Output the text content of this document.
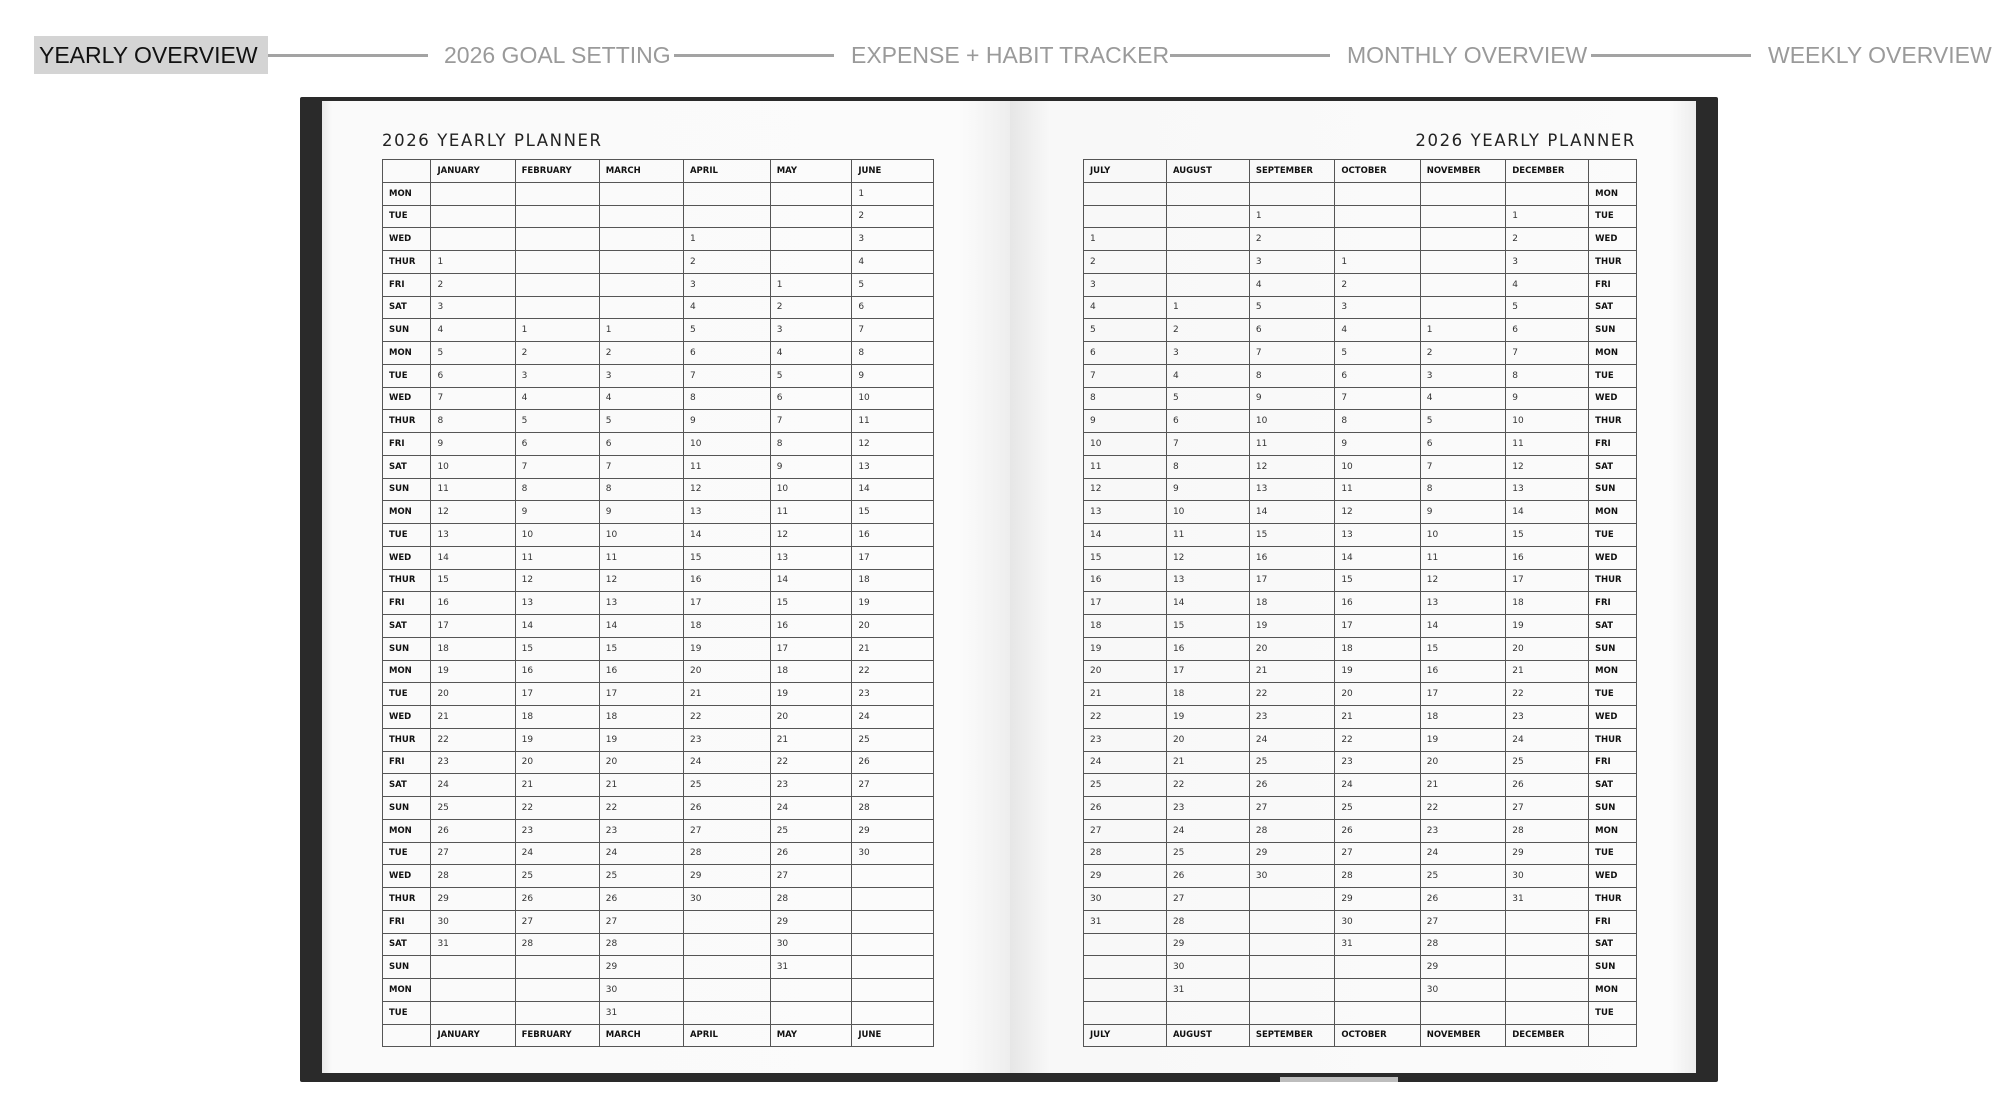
YEARLY OVERVIEW	2026 GOAL SETTING	EXPENSE + HABIT TRACKER	MONTHLY OVERVIEW	WEEKLY OVERVIEW
2026 YEARLY PLANNER
	JANUARY	FEBRUARY	MARCH	APRIL	MAY	JUNE
MON						1
TUE						2
WED				1		3
THUR	1			2		4
FRI	2			3	1	5
SAT	3			4	2	6
SUN	4	1	1	5	3	7
MON	5	2	2	6	4	8
TUE	6	3	3	7	5	9
WED	7	4	4	8	6	10
THUR	8	5	5	9	7	11
FRI	9	6	6	10	8	12
SAT	10	7	7	11	9	13
SUN	11	8	8	12	10	14
MON	12	9	9	13	11	15
TUE	13	10	10	14	12	16
WED	14	11	11	15	13	17
THUR	15	12	12	16	14	18
FRI	16	13	13	17	15	19
SAT	17	14	14	18	16	20
SUN	18	15	15	19	17	21
MON	19	16	16	20	18	22
TUE	20	17	17	21	19	23
WED	21	18	18	22	20	24
THUR	22	19	19	23	21	25
FRI	23	20	20	24	22	26
SAT	24	21	21	25	23	27
SUN	25	22	22	26	24	28
MON	26	23	23	27	25	29
TUE	27	24	24	28	26	30
WED	28	25	25	29	27	
THUR	29	26	26	30	28	
FRI	30	27	27		29	
SAT	31	28	28		30	
SUN			29		31	
MON			30			
TUE			31			
	JANUARY	FEBRUARY	MARCH	APRIL	MAY	JUNE
2026 YEARLY PLANNER
JULY	AUGUST	SEPTEMBER	OCTOBER	NOVEMBER	DECEMBER	
						MON
		1			1	TUE
1		2			2	WED
2		3	1		3	THUR
3		4	2		4	FRI
4	1	5	3		5	SAT
5	2	6	4	1	6	SUN
6	3	7	5	2	7	MON
7	4	8	6	3	8	TUE
8	5	9	7	4	9	WED
9	6	10	8	5	10	THUR
10	7	11	9	6	11	FRI
11	8	12	10	7	12	SAT
12	9	13	11	8	13	SUN
13	10	14	12	9	14	MON
14	11	15	13	10	15	TUE
15	12	16	14	11	16	WED
16	13	17	15	12	17	THUR
17	14	18	16	13	18	FRI
18	15	19	17	14	19	SAT
19	16	20	18	15	20	SUN
20	17	21	19	16	21	MON
21	18	22	20	17	22	TUE
22	19	23	21	18	23	WED
23	20	24	22	19	24	THUR
24	21	25	23	20	25	FRI
25	22	26	24	21	26	SAT
26	23	27	25	22	27	SUN
27	24	28	26	23	28	MON
28	25	29	27	24	29	TUE
29	26	30	28	25	30	WED
30	27		29	26	31	THUR
31	28		30	27		FRI
	29		31	28		SAT
	30			29		SUN
	31			30		MON
						TUE
JULY	AUGUST	SEPTEMBER	OCTOBER	NOVEMBER	DECEMBER	
